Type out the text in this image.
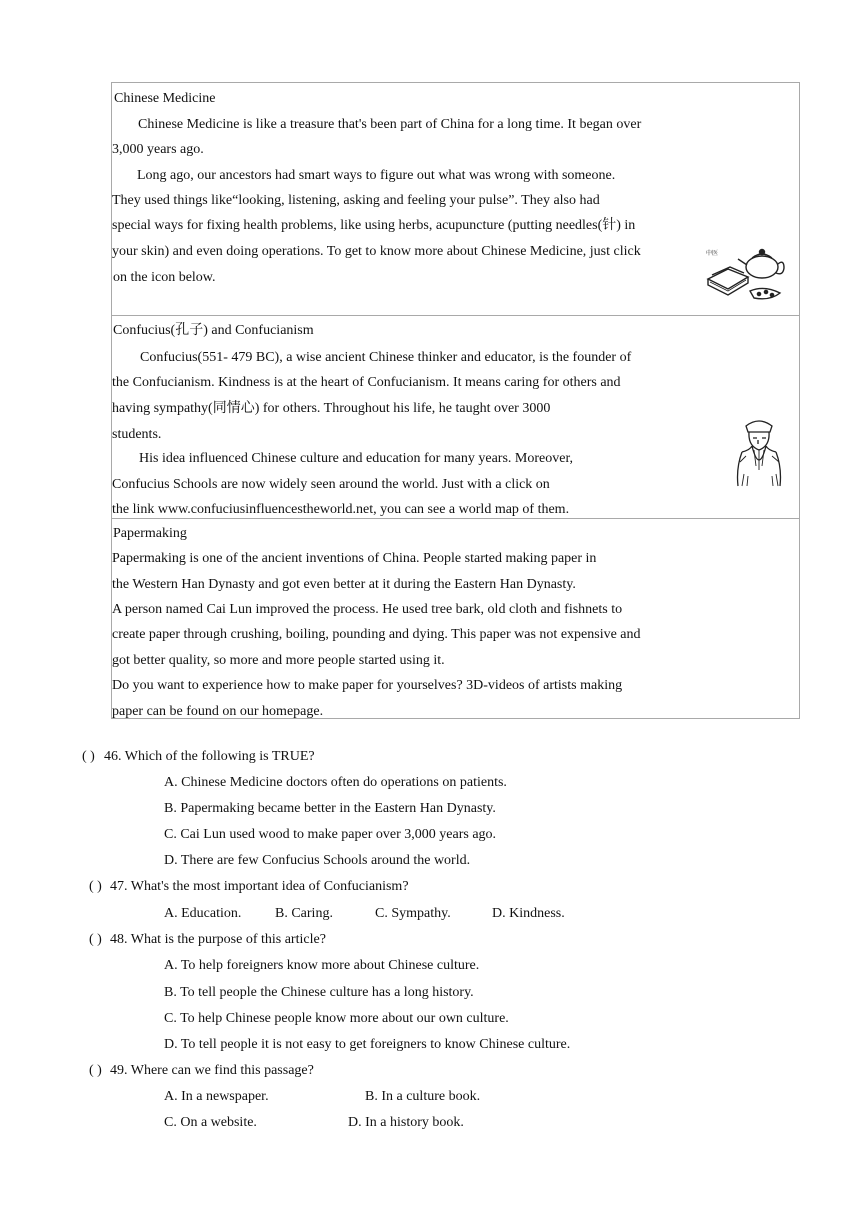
Chinese Medicine
Chinese Medicine is like a treasure that's been part of China for a long time. It began over
3,000 years ago.
Long ago, our ancestors had smart ways to figure out what was wrong with someone.
They used things like“looking, listening, asking and feeling your pulse”. They also had
special ways for fixing health problems, like using herbs, acupuncture (putting needles(针) in
your skin) and even doing operations. To get to know more about Chinese Medicine, just click
on the icon below.
中医
Confucius(孔子) and Confucianism
Confucius(551- 479 BC), a wise ancient Chinese thinker and educator, is the founder of
the Confucianism. Kindness is at the heart of Confucianism. It means caring for others and
having sympathy(同情心) for others. Throughout his life, he taught over 3000
students.
His idea influenced Chinese culture and education for many years. Moreover,
Confucius Schools are now widely seen around the world. Just with a click on
the link www.confuciusinfluencestheworld.net, you can see a world map of them.
Papermaking
Papermaking is one of the ancient inventions of China. People started making paper in
the Western Han Dynasty and got even better at it during the Eastern Han Dynasty.
A person named Cai Lun improved the process. He used tree bark, old cloth and fishnets to
create paper through crushing, boiling, pounding and dying. This paper was not expensive and
got better quality, so more and more people started using it.
Do you want to experience how to make paper for yourselves? 3D-videos of artists making
paper can be found on our homepage.
( ) 46. Which of the following is TRUE?
A. Chinese Medicine doctors often do operations on patients.
B. Papermaking became better in the Eastern Han Dynasty.
C. Cai Lun used wood to make paper over 3,000 years ago.
D. There are few Confucius Schools around the world.
( ) 47. What's the most important idea of Confucianism?
A. Education. B. Caring.	C. Sympathy.	D. Kindness.
( ) 48. What is the purpose of this article?
A. To help foreigners know more about Chinese culture.
B. To tell people the Chinese culture has a long history.
C. To help Chinese people know more about our own culture.
D. To tell people it is not easy to get foreigners to know Chinese culture.
( ) 49. Where can we find this passage?
A. In a newspaper.	B. In a culture book.
C. On a website.	D. In a history book.
